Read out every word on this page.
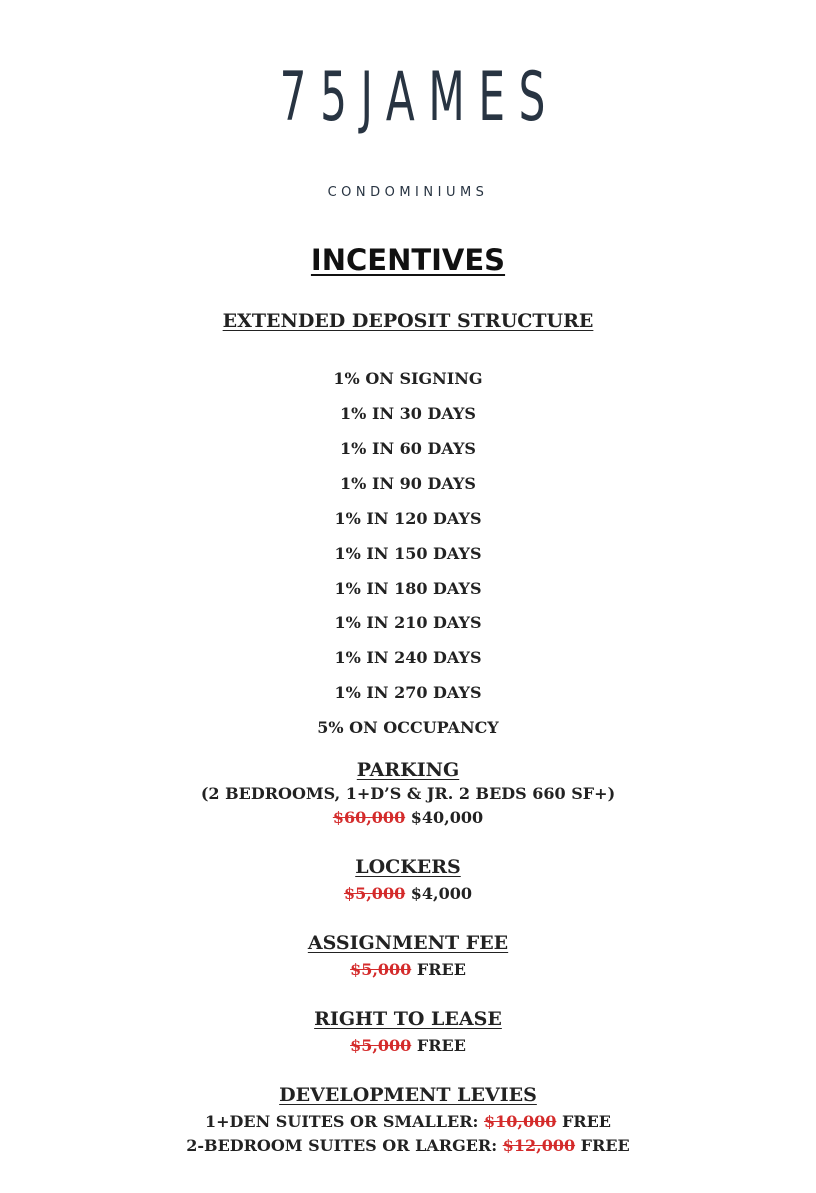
75JAMES
CONDOMINIUMS
INCENTIVES
EXTENDED DEPOSIT STRUCTURE
1% ON SIGNING
1% IN 30 DAYS
1% IN 60 DAYS
1% IN 90 DAYS
1% IN 120 DAYS
1% IN 150 DAYS
1% IN 180 DAYS
1% IN 210 DAYS
1% IN 240 DAYS
1% IN 270 DAYS
5% ON OCCUPANCY
PARKING
(2 BEDROOMS, 1+D’S & JR. 2 BEDS 660 SF+)
$60,000 $40,000
LOCKERS
$5,000 $4,000
ASSIGNMENT FEE
$5,000 FREE
RIGHT TO LEASE
$5,000 FREE
DEVELOPMENT LEVIES
1+DEN SUITES OR SMALLER: $10,000 FREE
2-BEDROOM SUITES OR LARGER: $12,000 FREE
